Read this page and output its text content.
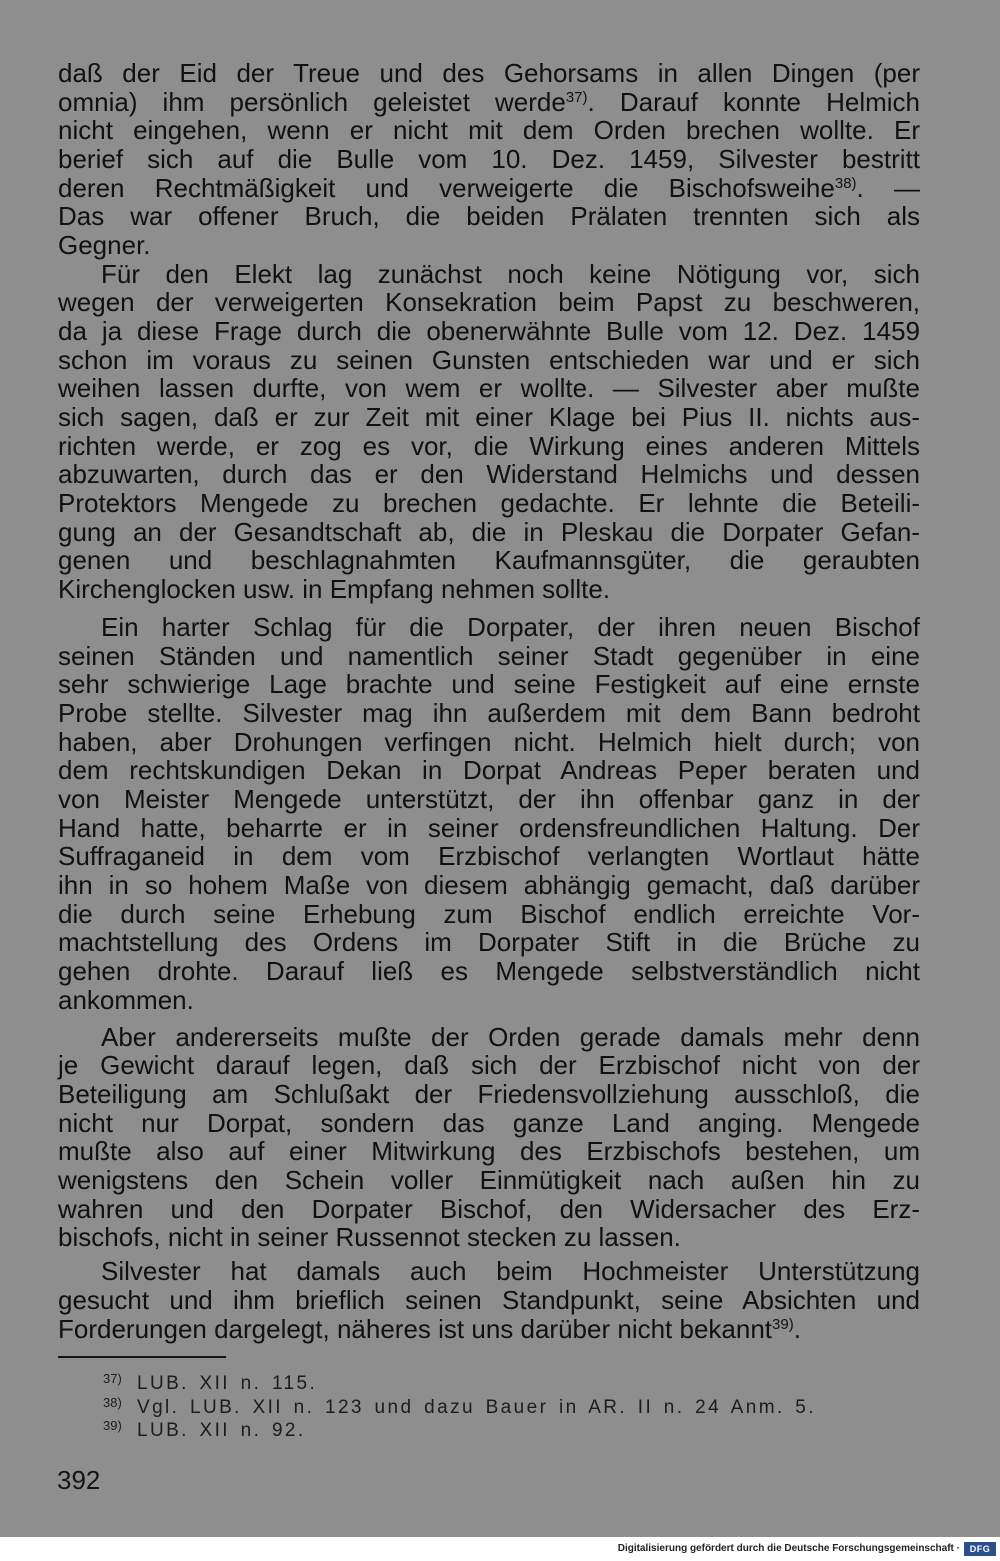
daß der Eid der Treue und des Gehorsams in allen Dingen (per
omnia) ihm persönlich geleistet werde$^{37)}$. Darauf konnte Helmich
nicht eingehen, wenn er nicht mit dem Orden brechen wollte. Er
berief sich auf die Bulle vom 10. Dez. 1459, Silvester bestritt
deren Rechtmäßigkeit und verweigerte die Bischofsweihe$^{38)}$. —
Das war offener Bruch, die beiden Prälaten trennten sich als
Gegner.
Für den Elekt lag zunächst noch keine Nötigung vor, sich
wegen der verweigerten Konsekration beim Papst zu beschweren,
da ja diese Frage durch die obenerwähnte Bulle vom 12. Dez. 1459
schon im voraus zu seinen Gunsten entschieden war und er sich
weihen lassen durfte, von wem er wollte. — Silvester aber mußte
sich sagen, daß er zur Zeit mit einer Klage bei Pius II. nichts aus-
richten werde, er zog es vor, die Wirkung eines anderen Mittels
abzuwarten, durch das er den Widerstand Helmichs und dessen
Protektors Mengede zu brechen gedachte. Er lehnte die Beteili-
gung an der Gesandtschaft ab, die in Pleskau die Dorpater Gefan-
genen und beschlagnahmten Kaufmannsgüter, die geraubten
Kirchenglocken usw. in Empfang nehmen sollte.
Ein harter Schlag für die Dorpater, der ihren neuen Bischof
seinen Ständen und namentlich seiner Stadt gegenüber in eine
sehr schwierige Lage brachte und seine Festigkeit auf eine ernste
Probe stellte. Silvester mag ihn außerdem mit dem Bann bedroht
haben, aber Drohungen verfingen nicht. Helmich hielt durch; von
dem rechtskundigen Dekan in Dorpat Andreas Peper beraten und
von Meister Mengede unterstützt, der ihn offenbar ganz in der
Hand hatte, beharrte er in seiner ordensfreundlichen Haltung. Der
Suffraganeid in dem vom Erzbischof verlangten Wortlaut hätte
ihn in so hohem Maße von diesem abhängig gemacht, daß darüber
die durch seine Erhebung zum Bischof endlich erreichte Vor-
machtstellung des Ordens im Dorpater Stift in die Brüche zu
gehen drohte. Darauf ließ es Mengede selbstverständlich nicht
ankommen.
Aber andererseits mußte der Orden gerade damals mehr denn
je Gewicht darauf legen, daß sich der Erzbischof nicht von der
Beteiligung am Schlußakt der Friedensvollziehung ausschloß, die
nicht nur Dorpat, sondern das ganze Land anging. Mengede
mußte also auf einer Mitwirkung des Erzbischofs bestehen, um
wenigstens den Schein voller Einmütigkeit nach außen hin zu
wahren und den Dorpater Bischof, den Widersacher des Erz-
bischofs, nicht in seiner Russennot stecken zu lassen.
Silvester hat damals auch beim Hochmeister Unterstützung
gesucht und ihm brieflich seinen Standpunkt, seine Absichten und
Forderungen dargelegt, näheres ist uns darüber nicht bekannt$^{39)}$.
$^{37)}$ LUB. XII n. 115.
$^{38)}$ Vgl. LUB. XII n. 123 und dazu Bauer in AR. II n. 24 Anm. 5.
$^{39)}$ LUB. XII n. 92.
392
Digitalisierung gefördert durch die Deutsche Forschungsgemeinschaft ·	DFG
